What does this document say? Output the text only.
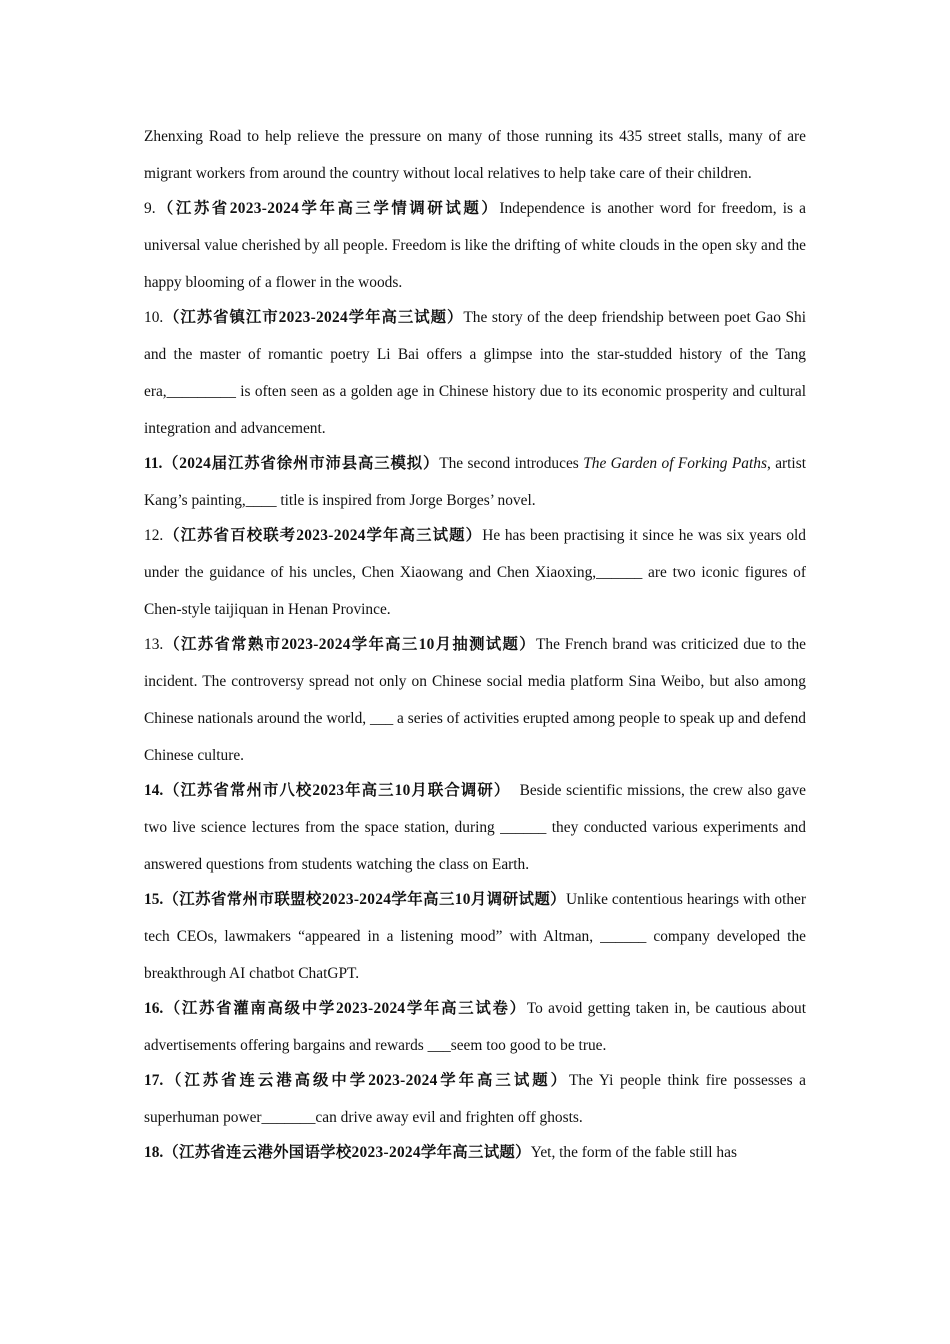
Zhenxing Road to help relieve the pressure on many of those running its 435 street stalls, many of are migrant workers from around the country without local relatives to help take care of their children.

9.（江苏省2023-2024学年高三学情调研试题）Independence is another word for freedom, is a universal value cherished by all people. Freedom is like the drifting of white clouds in the open sky and the happy blooming of a flower in the woods.

10.（江苏省镇江市2023-2024学年高三试题）The story of the deep friendship between poet Gao Shi and the master of romantic poetry Li Bai offers a glimpse into the star-studded history of the Tang era,_________ is often seen as a golden age in Chinese history due to its economic prosperity and cultural integration and advancement.

11.（2024届江苏省徐州市沛县高三模拟）The second introduces The Garden of Forking Paths, artist Kang’s painting,____ title is inspired from Jorge Borges’ novel.

12.（江苏省百校联考2023-2024学年高三试题）He has been practising it since he was six years old under the guidance of his uncles, Chen Xiaowang and Chen Xiaoxing,______ are two iconic figures of Chen-style taijiquan in Henan Province.

13.（江苏省常熟市2023-2024学年高三10月抽测试题）The French brand was criticized due to the incident. The controversy spread not only on Chinese social media platform Sina Weibo, but also among Chinese nationals around the world, ___ a series of activities erupted among people to speak up and defend Chinese culture.

14.（江苏省常州市八校2023年高三10月联合调研）  Beside scientific missions, the crew also gave two live science lectures from the space station, during ______ they conducted various experiments and answered questions from students watching the class on Earth.

15.（江苏省常州市联盟校2023-2024学年高三10月调研试题）Unlike contentious hearings with other tech CEOs, lawmakers “appeared in a listening mood” with Altman, ______ company developed the breakthrough AI chatbot ChatGPT.

16.（江苏省灌南高级中学2023-2024学年高三试卷）To avoid getting taken in, be cautious about advertisements offering bargains and rewards ___seem too good to be true.

17.（江苏省连云港高级中学2023-2024学年高三试题）The Yi people think fire possesses a superhuman power_______can drive away evil and frighten off ghosts.

18.（江苏省连云港外国语学校2023-2024学年高三试题）Yet, the form of the fable still has
